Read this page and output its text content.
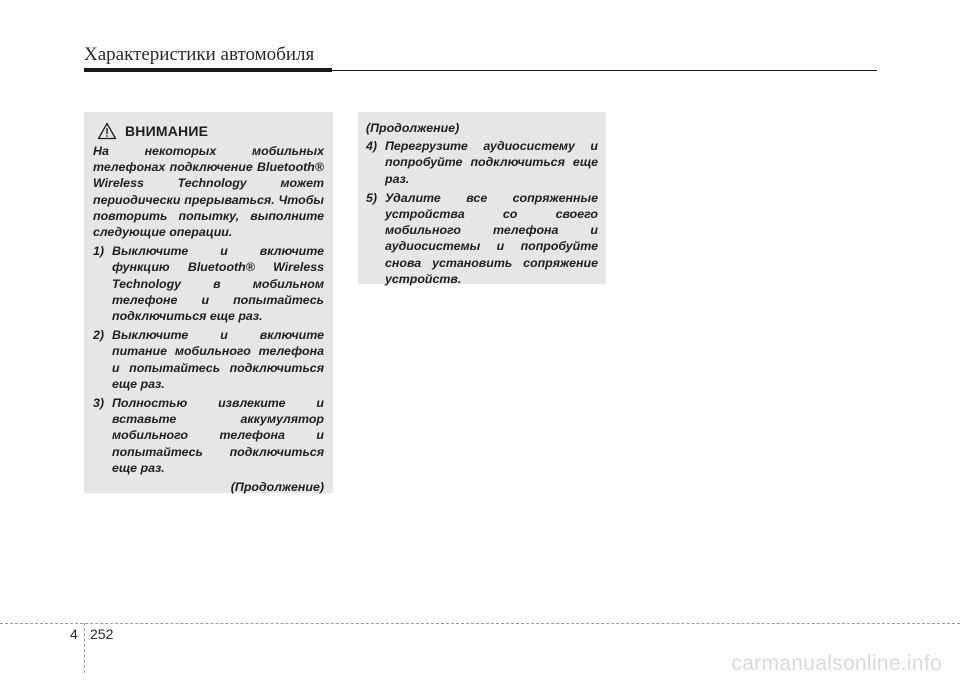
Характеристики автомобиля
ВНИМАНИЕ
На некоторых мобильных телефонах подключение Bluetooth® Wireless Technology может периодически прерываться. Чтобы повторить попытку, выполните следующие операции.
1) Выключите и включите функцию Bluetooth® Wireless Technology в мобильном телефоне и попытайтесь подключиться еще раз.
2) Выключите и включите питание мобильного телефона и попытайтесь подключиться еще раз.
3) Полностью извлеките и вставьте аккумулятор мобильного телефона и попытайтесь подключиться еще раз.
(Продолжение)
(Продолжение)
4) Перегрузите аудиосистему и попробуйте подключиться еще раз.
5) Удалите все сопряженные устройства со своего мобильного телефона и аудиосистемы и попробуйте снова установить сопряжение устройств.
4 252
carmanualsonline.info
